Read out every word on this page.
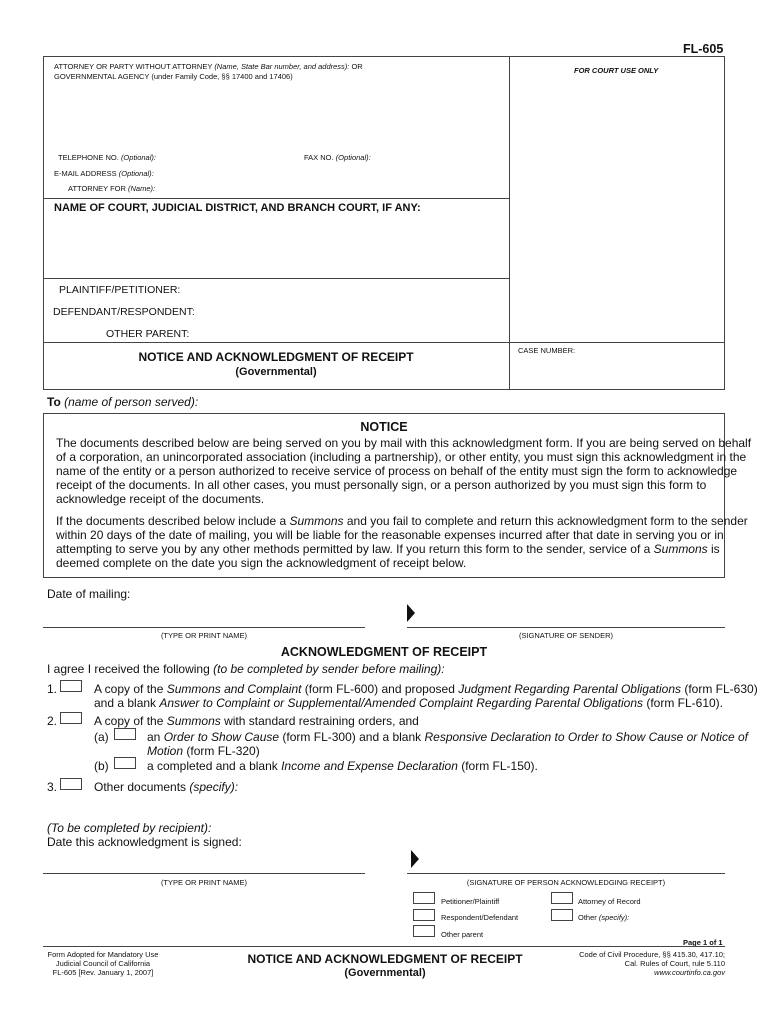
FL-605
ATTORNEY OR PARTY WITHOUT ATTORNEY (Name, State Bar number, and address): OR
GOVERNMENTAL AGENCY (under Family Code, §§ 17400 and 17406)
FOR COURT USE ONLY
TELEPHONE NO. (Optional):	FAX NO. (Optional):
E-MAIL ADDRESS (Optional):
ATTORNEY FOR (Name):
NAME OF COURT, JUDICIAL DISTRICT, AND BRANCH COURT, IF ANY:
PLAINTIFF/PETITIONER:
DEFENDANT/RESPONDENT:
OTHER PARENT:
NOTICE AND ACKNOWLEDGMENT OF RECEIPT
(Governmental)
CASE NUMBER:
To (name of person served):
NOTICE

The documents described below are being served on you by mail with this acknowledgment form. If you are being served on behalf

of a corporation, an unincorporated association (including a partnership), or other entity, you must sign this acknowledgment in the

name of the entity or a person authorized to receive service of process on behalf of the entity must sign the form to acknowledge

receipt of the documents. In all other cases, you must personally sign, or a person authorized by you must sign this form to

acknowledge receipt of the documents.

If the documents described below include a Summons and you fail to complete and return this acknowledgment form to the sender

within 20 days of the date of mailing, you will be liable for the reasonable expenses incurred after that date in serving you or in

attempting to serve you by any other methods permitted by law. If you return this form to the sender, service of a Summons is

deemed complete on the date you sign the acknowledgment of receipt below.

Date of mailing:
(TYPE OR PRINT NAME)	(SIGNATURE OF SENDER)
ACKNOWLEDGMENT OF RECEIPT
I agree I received the following (to be completed by sender before mailing):
1.	A copy of the Summons and Complaint (form FL-600) and proposed Judgment Regarding Parental Obligations (form FL-630)

and a blank Answer to Complaint or Supplemental/Amended Complaint Regarding Parental Obligations (form FL-610).

2.	A copy of the Summons with standard restraining orders, and
(a)	an Order to Show Cause (form FL-300) and a blank Responsive Declaration to Order to Show Cause or Notice of

Motion (form FL-320)

(b)	a completed and a blank Income and Expense Declaration (form FL-150).
3.	Other documents (specify):
(To be completed by recipient):
Date this acknowledgment is signed:
(TYPE OR PRINT NAME)	(SIGNATURE OF PERSON ACKNOWLEDGING RECEIPT)
Petitioner/Plaintiff	Attorney of Record
Respondent/Defendant	Other (specify):
Other parent
Page 1 of 1

Form Adopted for Mandatory Use

Judicial Council of California

FL-605 [Rev. January 1, 2007]

NOTICE AND ACKNOWLEDGMENT OF RECEIPT
(Governmental)

Code of Civil Procedure, §§ 415.30, 417.10;

Cal. Rules of Court, rule 5.110

www.courtinfo.ca.gov
